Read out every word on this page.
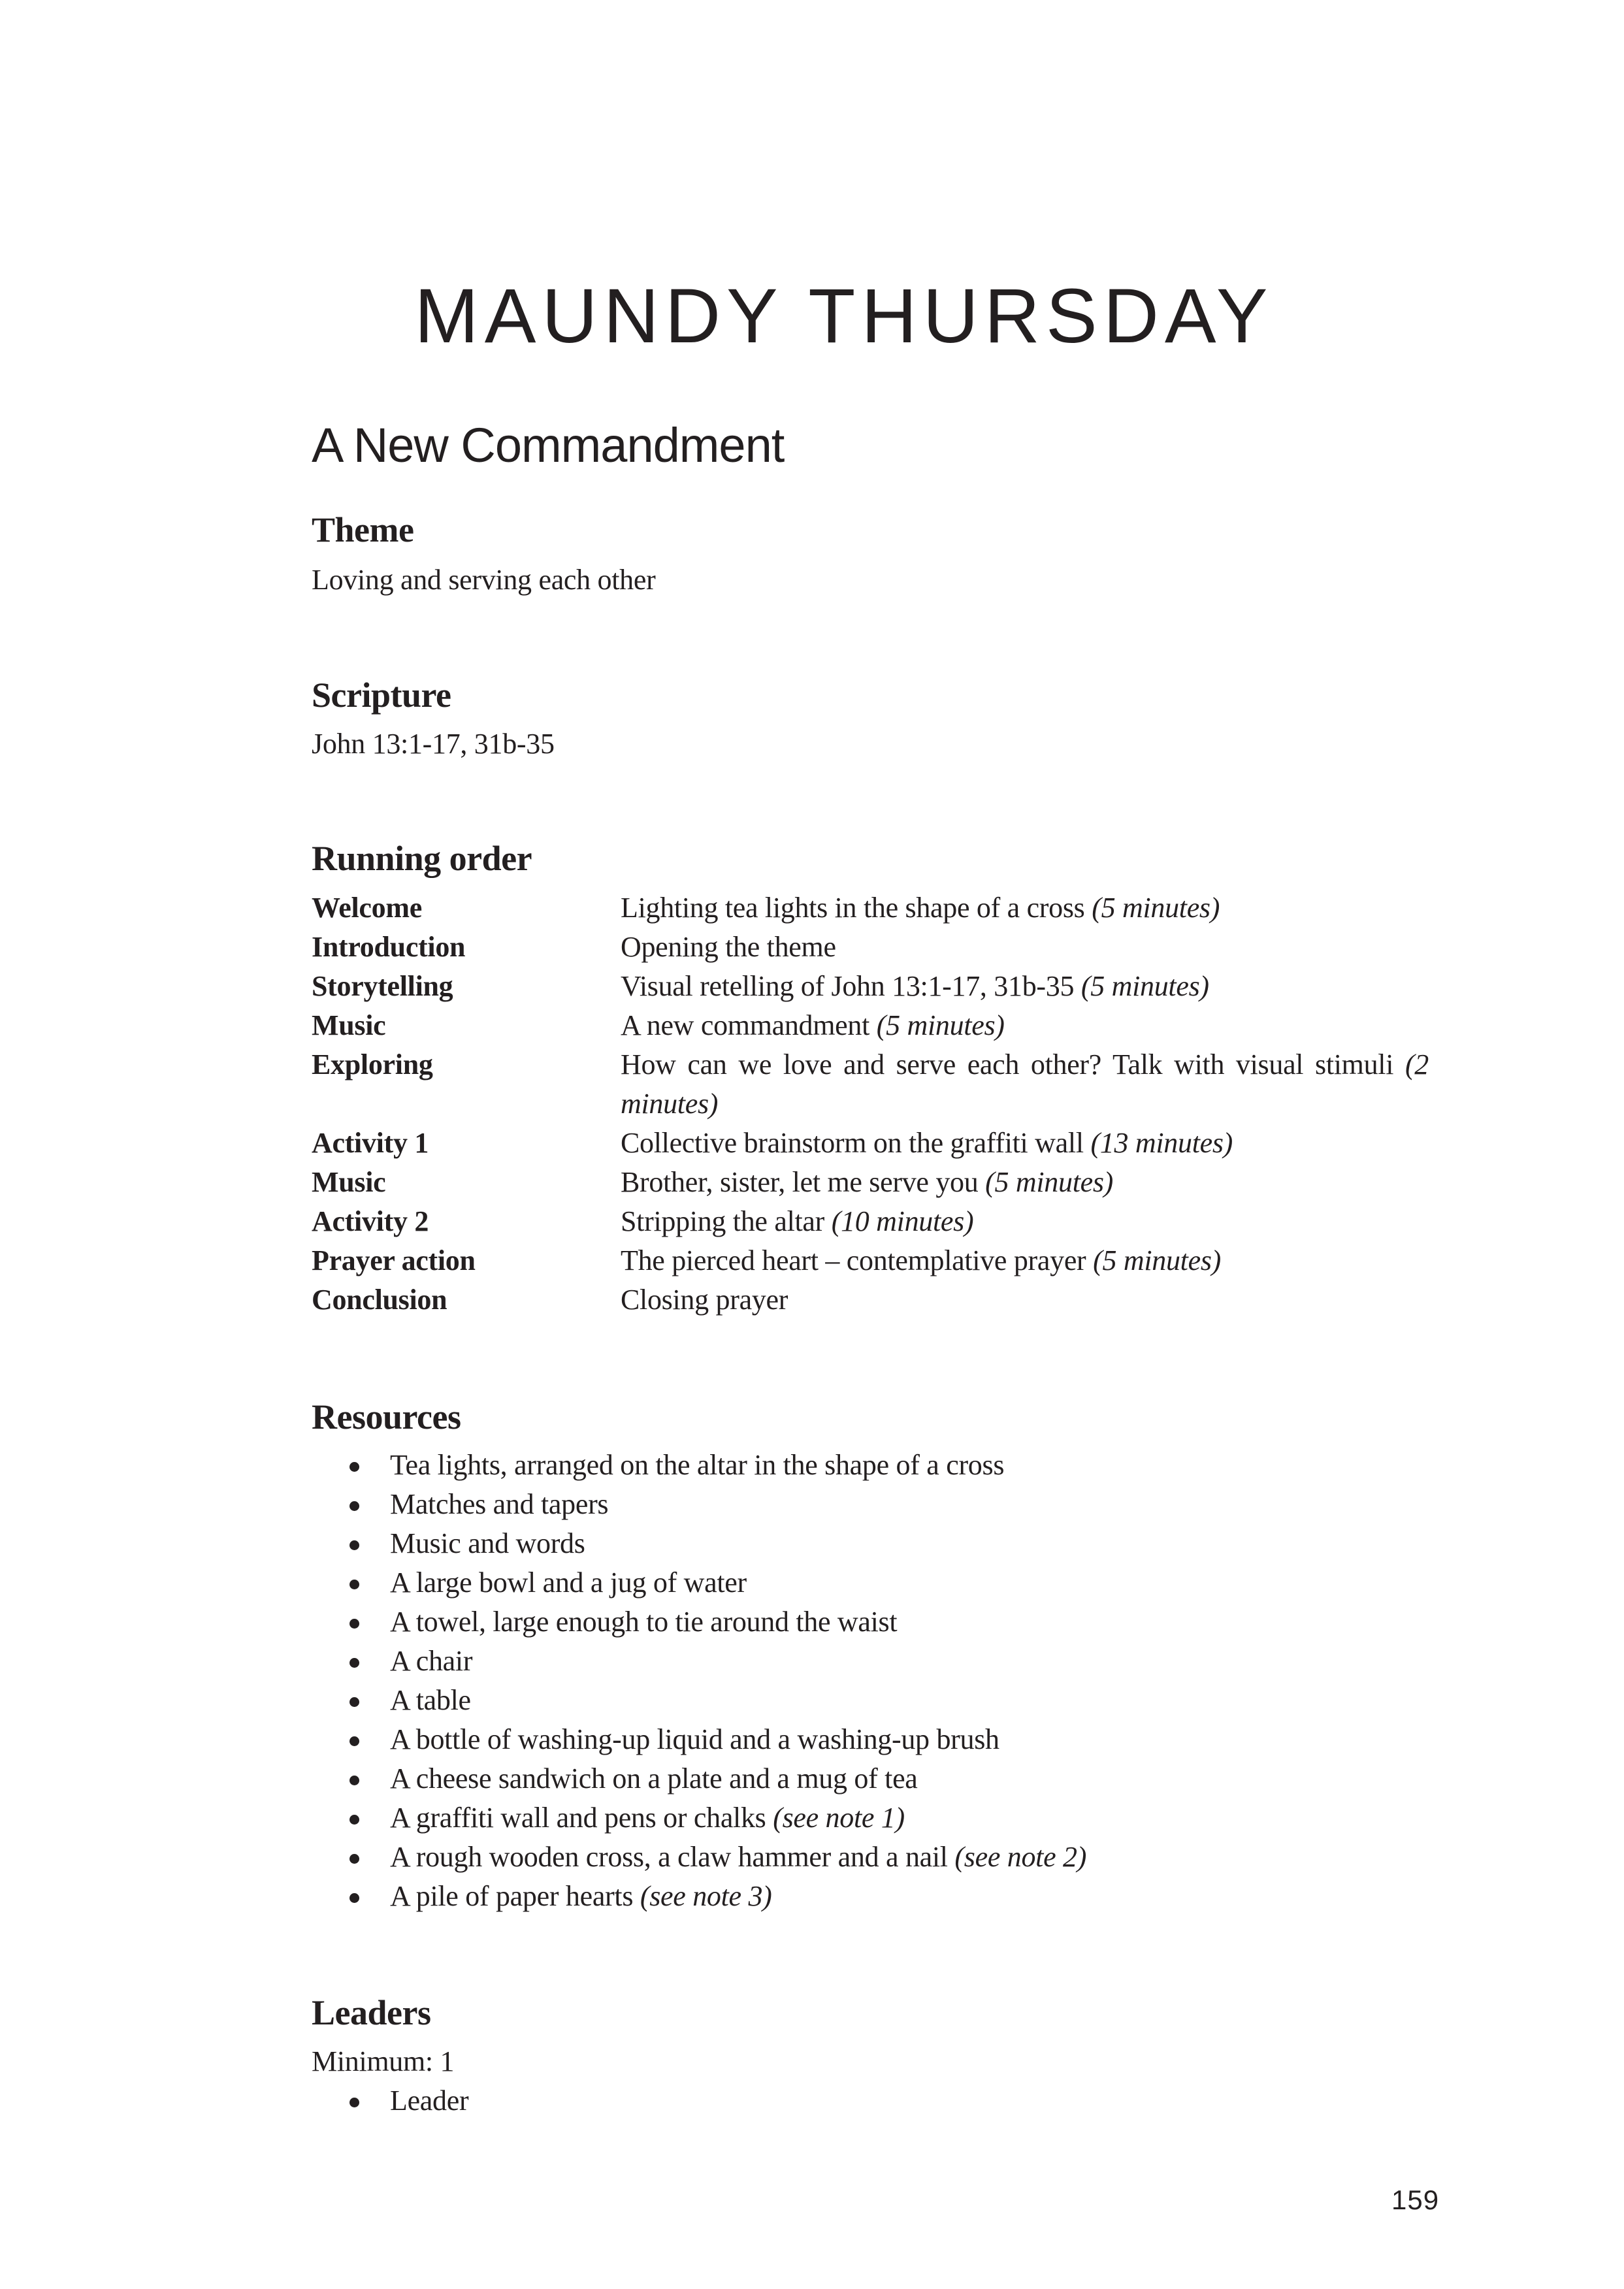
MAUNDY THURSDAY
A New Commandment
Theme

Loving and serving each other

Scripture

John 13:1-17, 31b-35

Running order
Welcome	Lighting tea lights in the shape of a cross (5 minutes)
Introduction	Opening the theme
Storytelling	Visual retelling of John 13:1-17, 31b-35 (5 minutes)
Music	A new commandment (5 minutes)
Exploring	How can we love and serve each other? Talk with visual stimuli (2 minutes)
Activity 1	Collective brainstorm on the graffiti wall (13 minutes)
Music	Brother, sister, let me serve you (5 minutes)
Activity 2	Stripping the altar (10 minutes)
Prayer action	The pierced heart – contemplative prayer (5 minutes)
Conclusion	Closing prayer
Resources
Tea lights, arranged on the altar in the shape of a cross
Matches and tapers
Music and words
A large bowl and a jug of water
A towel, large enough to tie around the waist
A chair
A table
A bottle of washing-up liquid and a washing-up brush
A cheese sandwich on a plate and a mug of tea
A graffiti wall and pens or chalks (see note 1)
A rough wooden cross, a claw hammer and a nail (see note 2)
A pile of paper hearts (see note 3)
Leaders

Minimum: 1

Leader
159
